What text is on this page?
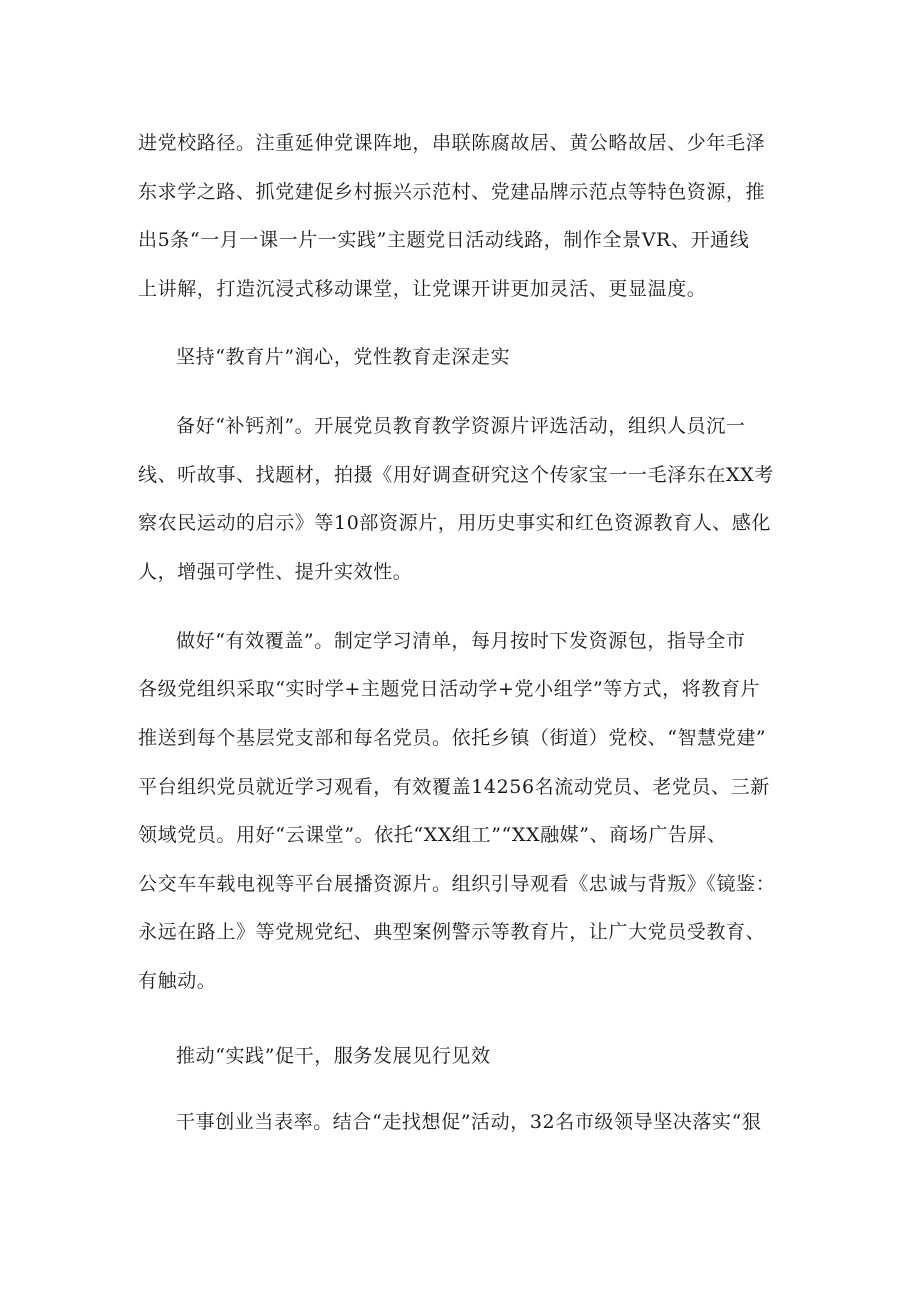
进党校路径。注重延伸党课阵地，串联陈腐故居、黄公略故居、少年毛泽

东求学之路、抓党建促乡村振兴示范村、党建品牌示范点等特色资源，推

出5条“一月一课一片一实践”主题党日活动线路，制作全景VR、开通线

上讲解，打造沉浸式移动课堂，让党课开讲更加灵活、更显温度。

坚持“教育片”润心，党性教育走深走实

备好“补钙剂”。开展党员教育教学资源片评选活动，组织人员沉一

线、听故事、找题材，拍摄《用好调查研究这个传家宝一一毛泽东在XX考

察农民运动的启示》等10部资源片，用历史事实和红色资源教育人、感化

人，增强可学性、提升实效性。

做好“有效覆盖”。制定学习清单，每月按时下发资源包，指导全市

各级党组织采取“实时学+主题党日活动学+党小组学”等方式，将教育片

推送到每个基层党支部和每名党员。依托乡镇（街道）党校、“智慧党建”

平台组织党员就近学习观看，有效覆盖14256名流动党员、老党员、三新

领域党员。用好“云课堂”。依托“XX组工”“XX融媒”、商场广告屏、

公交车车载电视等平台展播资源片。组织引导观看《忠诚与背叛》《镜鉴：

永远在路上》等党规党纪、典型案例警示等教育片，让广大党员受教育、

有触动。

推动“实践”促干，服务发展见行见效

干事创业当表率。结合“走找想促”活动，32名市级领导坚决落实“狠
